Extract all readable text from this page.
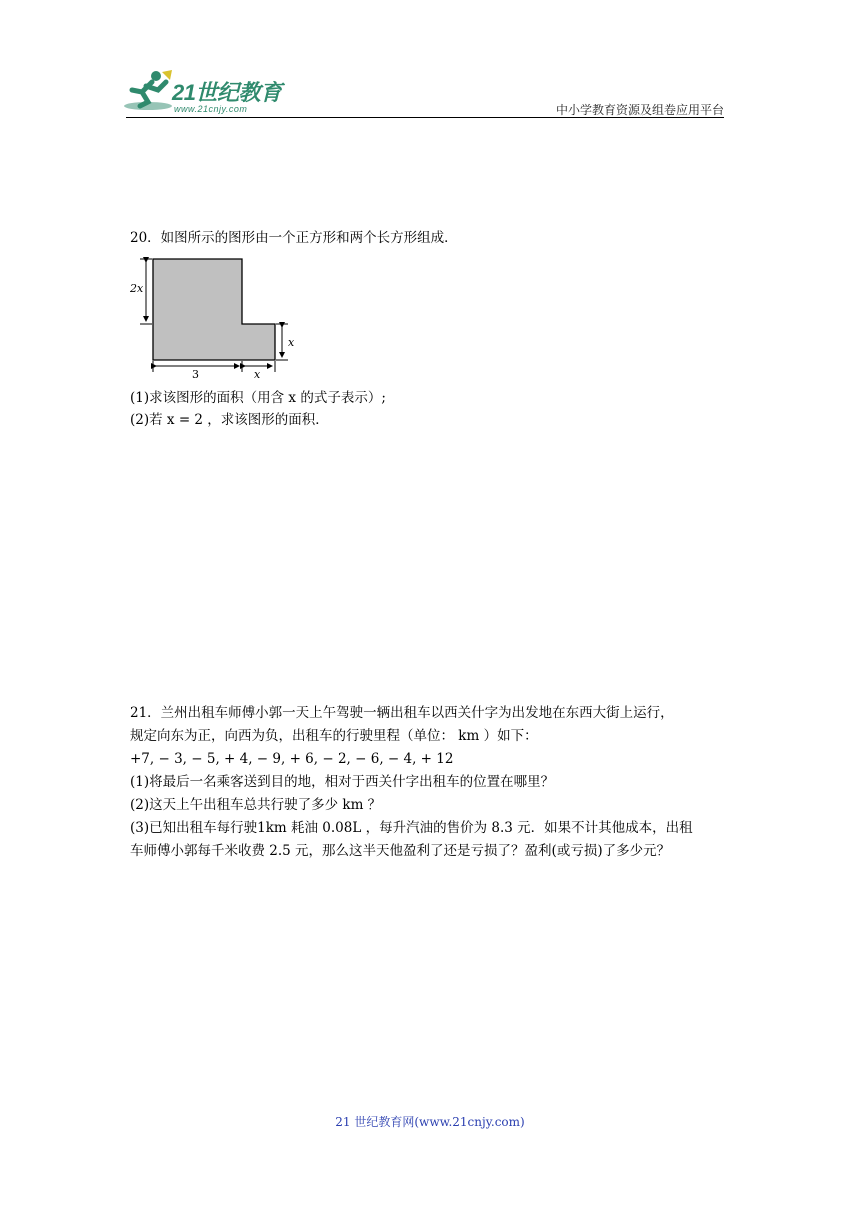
21世纪教育
www.21cnjy.com	中小学教育资源及组卷应用平台
20．如图所示的图形由一个正方形和两个长方形组成．
2x
x
3	x
(1)求该图形的面积（用含 x 的式子表示）;
(2)若 x = 2 ，求该图形的面积．
21．兰州出租车师傅小郭一天上午驾驶一辆出租车以西关什字为出发地在东西大街上运行，
规定向东为正，向西为负，出租车的行驶里程（单位： km ）如下：
+7, − 3, − 5, + 4, − 9, + 6, − 2, − 6, − 4, + 12
(1)将最后一名乘客送到目的地，相对于西关什字出租车的位置在哪里？
(2)这天上午出租车总共行驶了多少 km ？
(3)已知出租车每行驶1km 耗油 0.08L ，每升汽油的售价为 8.3 元．如果不计其他成本，出租
车师傅小郭每千米收费 2.5 元，那么这半天他盈利了还是亏损了？盈利(或亏损)了多少元？
21 世纪教育网(www.21cnjy.com)
